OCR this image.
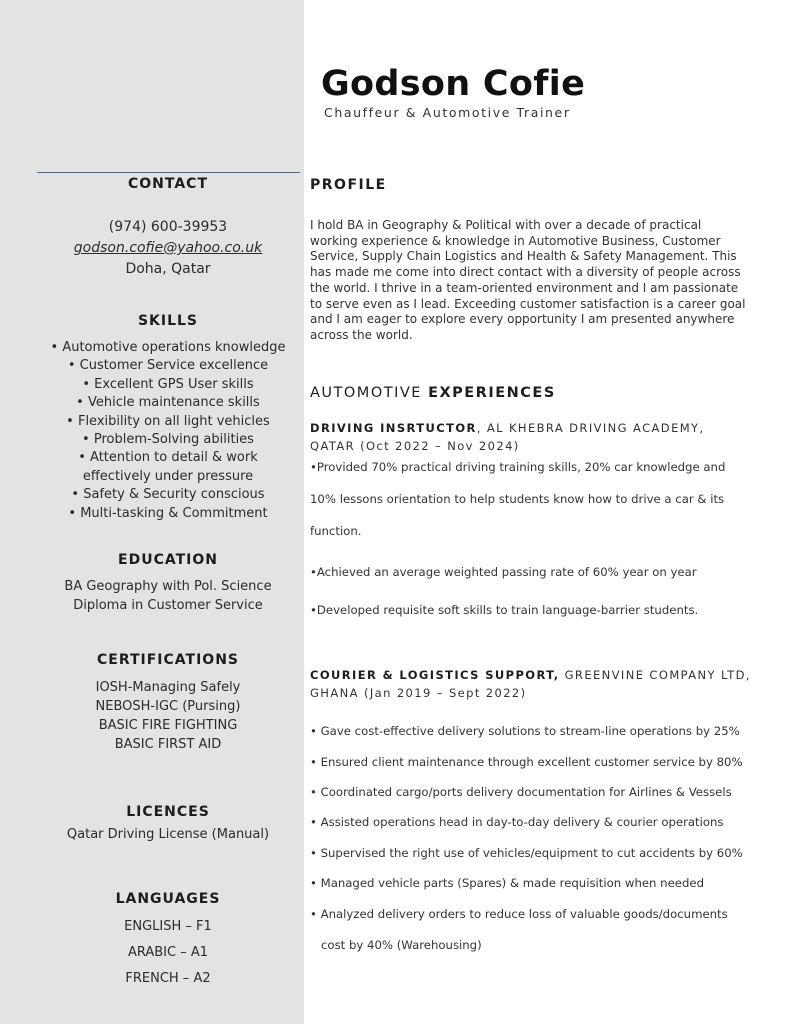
Godson Cofie
Chauffeur & Automotive Trainer
CONTACT
(974) 600-39953
godson.cofie@yahoo.co.uk
Doha, Qatar
SKILLS
• Automotive operations knowledge
• Customer Service excellence
• Excellent GPS User skills
• Vehicle maintenance skills
• Flexibility on all light vehicles
• Problem-Solving abilities
• Attention to detail & work
effectively under pressure
• Safety & Security conscious
• Multi-tasking & Commitment
EDUCATION
BA Geography with Pol. Science
Diploma in Customer Service
CERTIFICATIONS
IOSH-Managing Safely
NEBOSH-IGC (Pursing)
BASIC FIRE FIGHTING
BASIC FIRST AID
LICENCES
Qatar Driving License (Manual)
LANGUAGES
ENGLISH – F1
ARABIC – A1
FRENCH – A2
PROFILE
I hold BA in Geography & Political with over a decade of practical working experience & knowledge in Automotive Business, Customer Service, Supply Chain Logistics and Health & Safety Management. This has made me come into direct contact with a diversity of people across the world. I thrive in a team-oriented environment and I am passionate to serve even as I lead. Exceeding customer satisfaction is a career goal and I am eager to explore every opportunity I am presented anywhere across the world.
AUTOMOTIVE EXPERIENCES
DRIVING INSRTUCTOR, AL KHEBRA DRIVING ACADEMY,
QATAR (Oct 2022 – Nov 2024)
•Provided 70% practical driving training skills, 20% car knowledge and
10% lessons orientation to help students know how to drive a car & its
function.
•Achieved an average weighted passing rate of 60% year on year
•Developed requisite soft skills to train language-barrier students.
COURIER & LOGISTICS SUPPORT, GREENVINE COMPANY LTD,
GHANA (Jan 2019 – Sept 2022)
• Gave cost-effective delivery solutions to stream-line operations by 25%
• Ensured client maintenance through excellent customer service by 80%
• Coordinated cargo/ports delivery documentation for Airlines & Vessels
• Assisted operations head in day-to-day delivery & courier operations
• Supervised the right use of vehicles/equipment to cut accidents by 60%
• Managed vehicle parts (Spares) & made requisition when needed
• Analyzed delivery orders to reduce loss of valuable goods/documents
cost by 40% (Warehousing)
